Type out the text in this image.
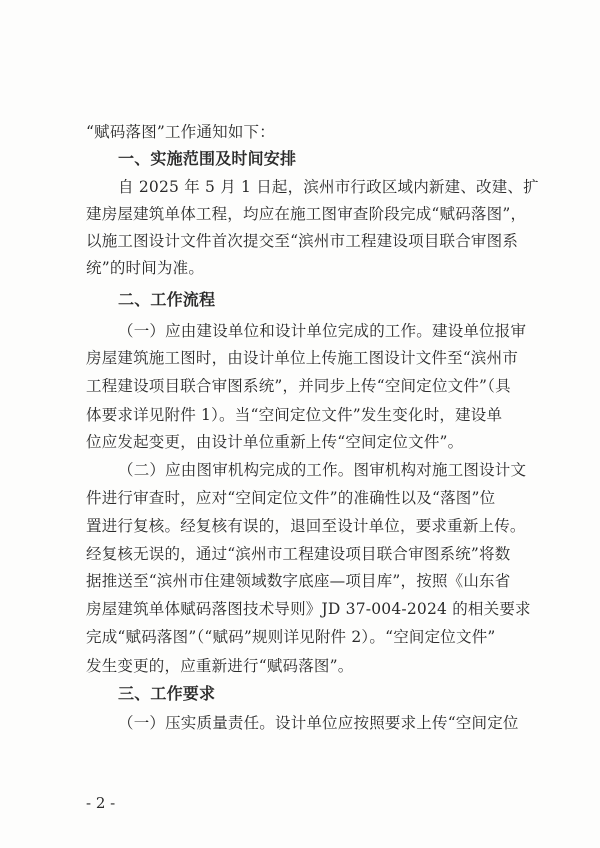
“赋码落图”工作通知如下：
一、实施范围及时间安排
自 2025 年 5 月 1 日起，滨州市行政区域内新建、改建、扩
建房屋建筑单体工程，均应在施工图审查阶段完成“赋码落图”，
以施工图设计文件首次提交至“滨州市工程建设项目联合审图系
统”的时间为准。
二、工作流程
（一）应由建设单位和设计单位完成的工作。建设单位报审
房屋建筑施工图时，由设计单位上传施工图设计文件至“滨州市
工程建设项目联合审图系统”，并同步上传“空间定位文件”（具
体要求详见附件 1）。当“空间定位文件”发生变化时，建设单
位应发起变更，由设计单位重新上传“空间定位文件”。
（二）应由图审机构完成的工作。图审机构对施工图设计文
件进行审查时，应对“空间定位文件”的准确性以及“落图”位
置进行复核。经复核有误的，退回至设计单位，要求重新上传。
经复核无误的，通过“滨州市工程建设项目联合审图系统”将数
据推送至“滨州市住建领域数字底座—项目库”，按照《山东省
房屋建筑单体赋码落图技术导则》JD 37-004-2024 的相关要求
完成“赋码落图”（“赋码”规则详见附件 2）。“空间定位文件”
发生变更的，应重新进行“赋码落图”。
三、工作要求
（一）压实质量责任。设计单位应按照要求上传“空间定位
- 2 -
